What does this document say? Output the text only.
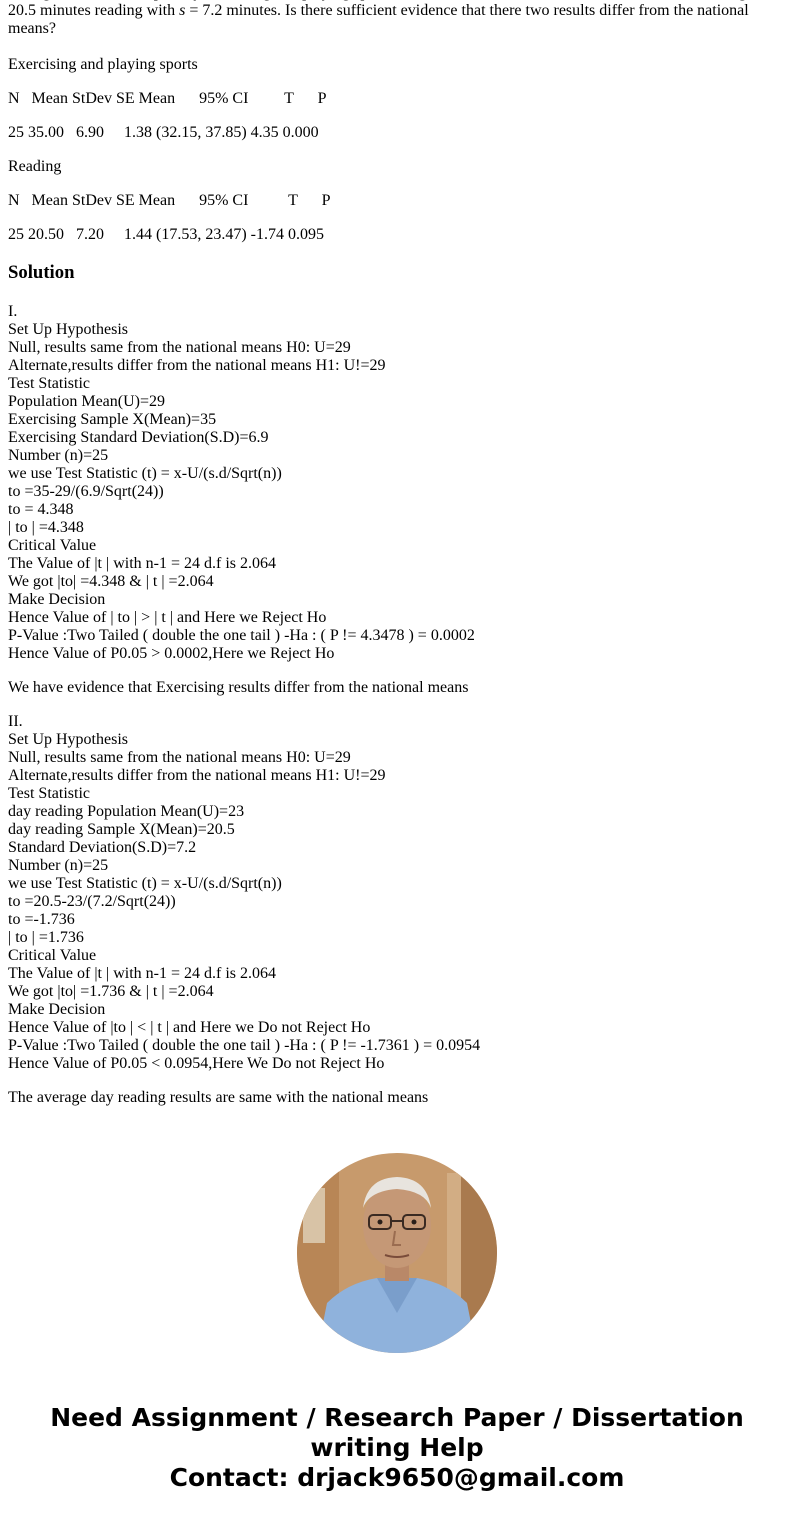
20.5 minutes reading with s = 7.2 minutes. Is there sufficient evidence that there two results differ from the national means?

Exercising and playing sports
N   Mean StDev SE Mean      95% CI         T      P
25 35.00   6.90     1.38 (32.15, 37.85) 4.35 0.000
Reading
N   Mean StDev SE Mean      95% CI          T      P
25 20.50   7.20     1.44 (17.53, 23.47) -1.74 0.095
Solution
I.
Set Up Hypothesis
Null, results same from the national means H0: U=29
Alternate,results differ from the national means H1: U!=29
Test Statistic
Population Mean(U)=29
Exercising Sample X(Mean)=35
Exercising Standard Deviation(S.D)=6.9
Number (n)=25
we use Test Statistic (t) = x-U/(s.d/Sqrt(n))
to =35-29/(6.9/Sqrt(24))
to = 4.348
| to | =4.348
Critical Value
The Value of |t | with n-1 = 24 d.f is 2.064
We got |to| =4.348 & | t | =2.064
Make Decision
Hence Value of | to | > | t | and Here we Reject Ho
P-Value :Two Tailed ( double the one tail ) -Ha : ( P != 4.3478 ) = 0.0002
Hence Value of P0.05 > 0.0002,Here we Reject Ho
We have evidence that Exercising results differ from the national means
II.
Set Up Hypothesis
Null, results same from the national means H0: U=29
Alternate,results differ from the national means H1: U!=29
Test Statistic
day reading Population Mean(U)=23
day reading Sample X(Mean)=20.5
Standard Deviation(S.D)=7.2
Number (n)=25
we use Test Statistic (t) = x-U/(s.d/Sqrt(n))
to =20.5-23/(7.2/Sqrt(24))
to =-1.736
| to | =1.736
Critical Value
The Value of |t | with n-1 = 24 d.f is 2.064
We got |to| =1.736 & | t | =2.064
Make Decision
Hence Value of |to | < | t | and Here we Do not Reject Ho
P-Value :Two Tailed ( double the one tail ) -Ha : ( P != -1.7361 ) = 0.0954
Hence Value of P0.05 < 0.0954,Here We Do not Reject Ho
The average day reading results are same with the national means
Need Assignment / Research Paper / Dissertation
writing Help
Contact: drjack9650@gmail.com
